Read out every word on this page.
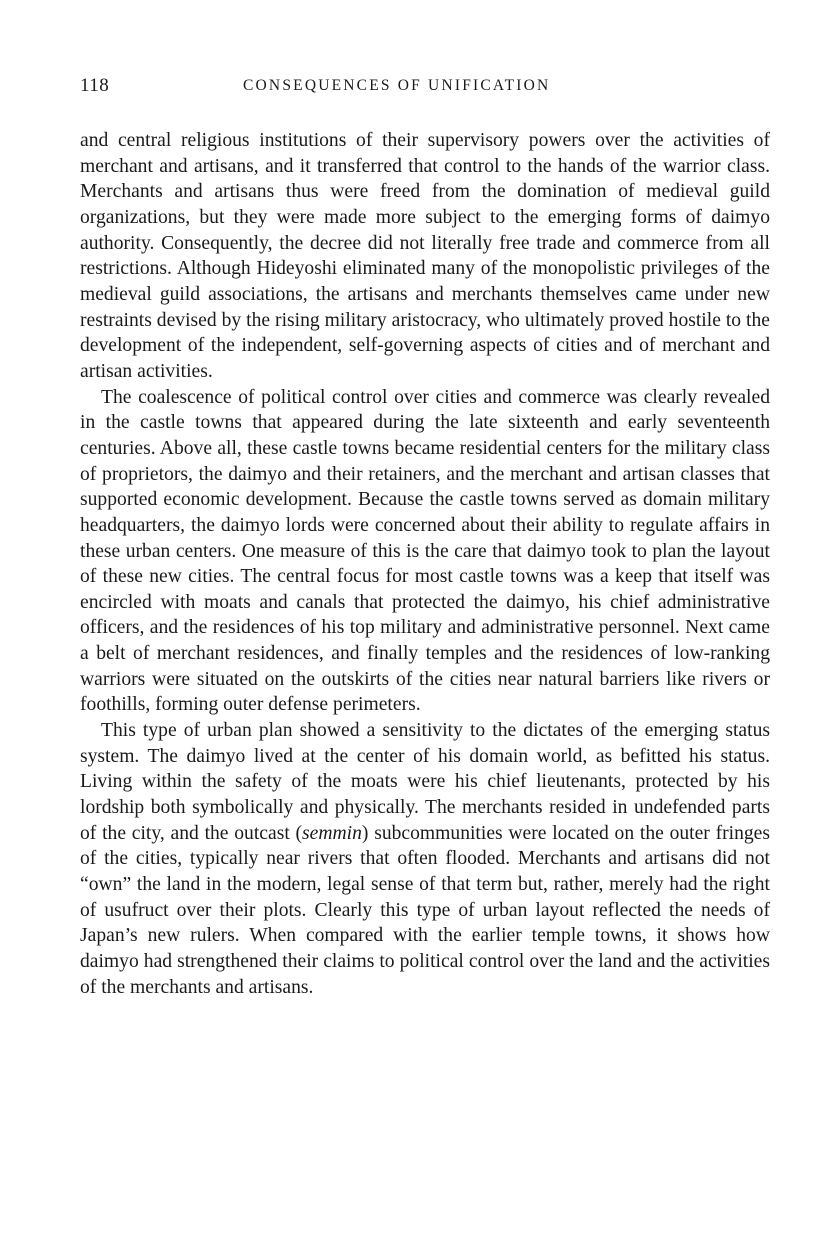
118	CONSEQUENCES OF UNIFICATION

and central religious institutions of their supervisory powers over the activities of merchant and artisans, and it transferred that control to the hands of the warrior class. Merchants and artisans thus were freed from the domination of medieval guild organizations, but they were made more subject to the emerging forms of daimyo authority. Consequently, the decree did not literally free trade and commerce from all restrictions. Although Hideyoshi eliminated many of the monopolistic privileges of the medieval guild associations, the artisans and merchants themselves came under new restraints devised by the rising military aristocracy, who ultimately proved hostile to the development of the independent, self-governing aspects of cities and of merchant and artisan activities.

The coalescence of political control over cities and commerce was clearly revealed in the castle towns that appeared during the late sixteenth and early seventeenth centuries. Above all, these castle towns became residential centers for the military class of proprietors, the daimyo and their retainers, and the merchant and artisan classes that supported economic development. Because the castle towns served as domain military headquarters, the daimyo lords were concerned about their ability to regulate affairs in these urban centers. One measure of this is the care that daimyo took to plan the layout of these new cities. The central focus for most castle towns was a keep that itself was encircled with moats and canals that protected the daimyo, his chief administrative officers, and the residences of his top military and administrative personnel. Next came a belt of merchant residences, and finally temples and the residences of low-ranking warriors were situated on the outskirts of the cities near natural barriers like rivers or foothills, forming outer defense perimeters.

This type of urban plan showed a sensitivity to the dictates of the emerging status system. The daimyo lived at the center of his domain world, as befitted his status. Living within the safety of the moats were his chief lieutenants, protected by his lordship both symbolically and physically. The merchants resided in undefended parts of the city, and the outcast (semmin) subcommunities were located on the outer fringes of the cities, typically near rivers that often flooded. Merchants and artisans did not “own” the land in the modern, legal sense of that term but, rather, merely had the right of usufruct over their plots. Clearly this type of urban layout reflected the needs of Japan’s new rulers. When compared with the earlier temple towns, it shows how daimyo had strengthened their claims to political control over the land and the activities of the merchants and artisans.
